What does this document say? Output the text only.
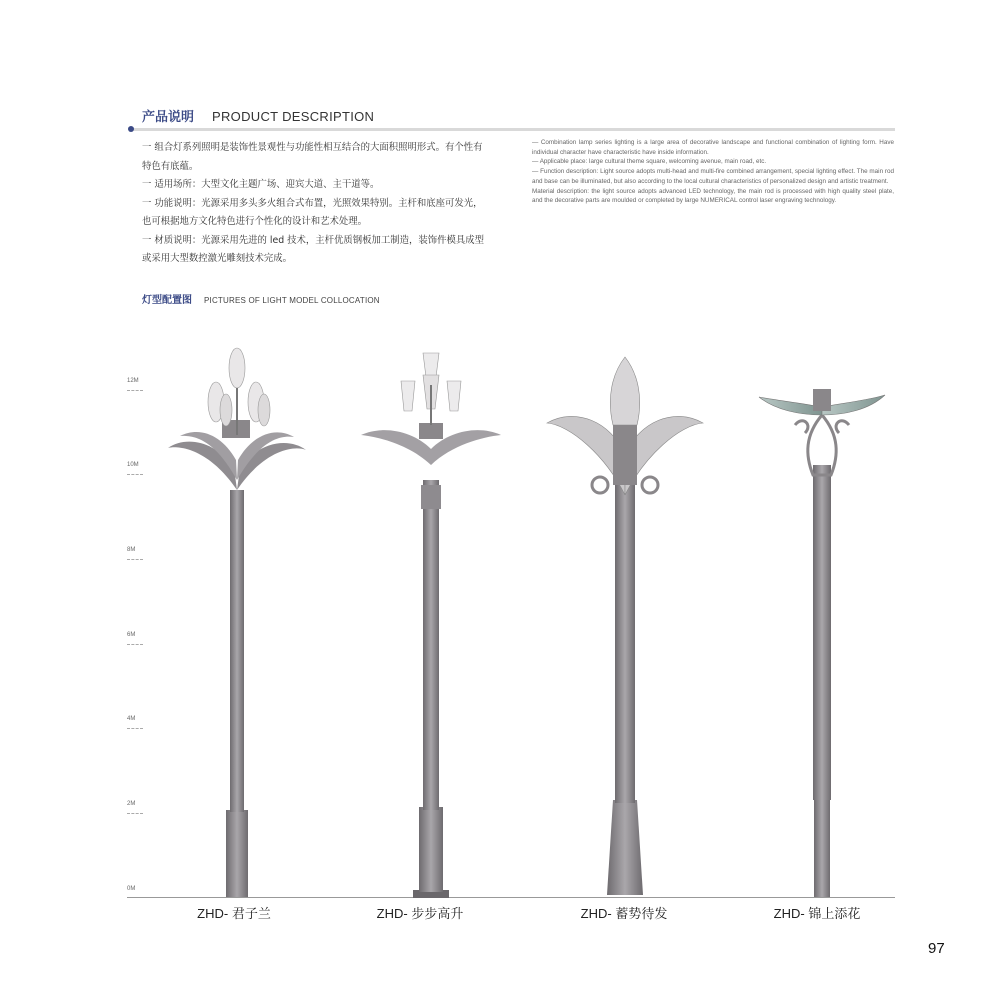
产品说明 PRODUCT DESCRIPTION

一 组合灯系列照明是装饰性景观性与功能性相互结合的大面积照明形式。有个性有

特色有底蕴。

一 适用场所：大型文化主题广场、迎宾大道、主干道等。

一 功能说明：光源采用多头多火组合式布置，光照效果特别。主杆和底座可发光，

也可根据地方文化特色进行个性化的设计和艺术处理。

一 材质说明：光源采用先进的 led 技术，主杆优质钢板加工制造，装饰件模具成型

或采用大型数控激光雕刻技术完成。

— Combination lamp series lighting is a large area of decorative landscape and functional combination of lighting form. Have individual character have characteristic have inside information.

— Applicable place: large cultural theme square, welcoming avenue, main road, etc.

— Function description: Light source adopts multi-head and multi-fire combined arrangement, special lighting effect. The main rod and base can be illuminated, but also according to the local cultural characteristics of personalized design and artistic treatment.

Material description: the light source adopts advanced LED technology, the main rod is processed with high quality steel plate, and the decorative parts are moulded or completed by large NUMERICAL control laser engraving technology.

灯型配置图 PICTURES OF LIGHT MODEL COLLOCATION
12M
10M
8M
6M
4M
2M
0M
ZHD- 君子兰	ZHD- 步步高升	ZHD- 蓄势待发	ZHD- 锦上添花
97
